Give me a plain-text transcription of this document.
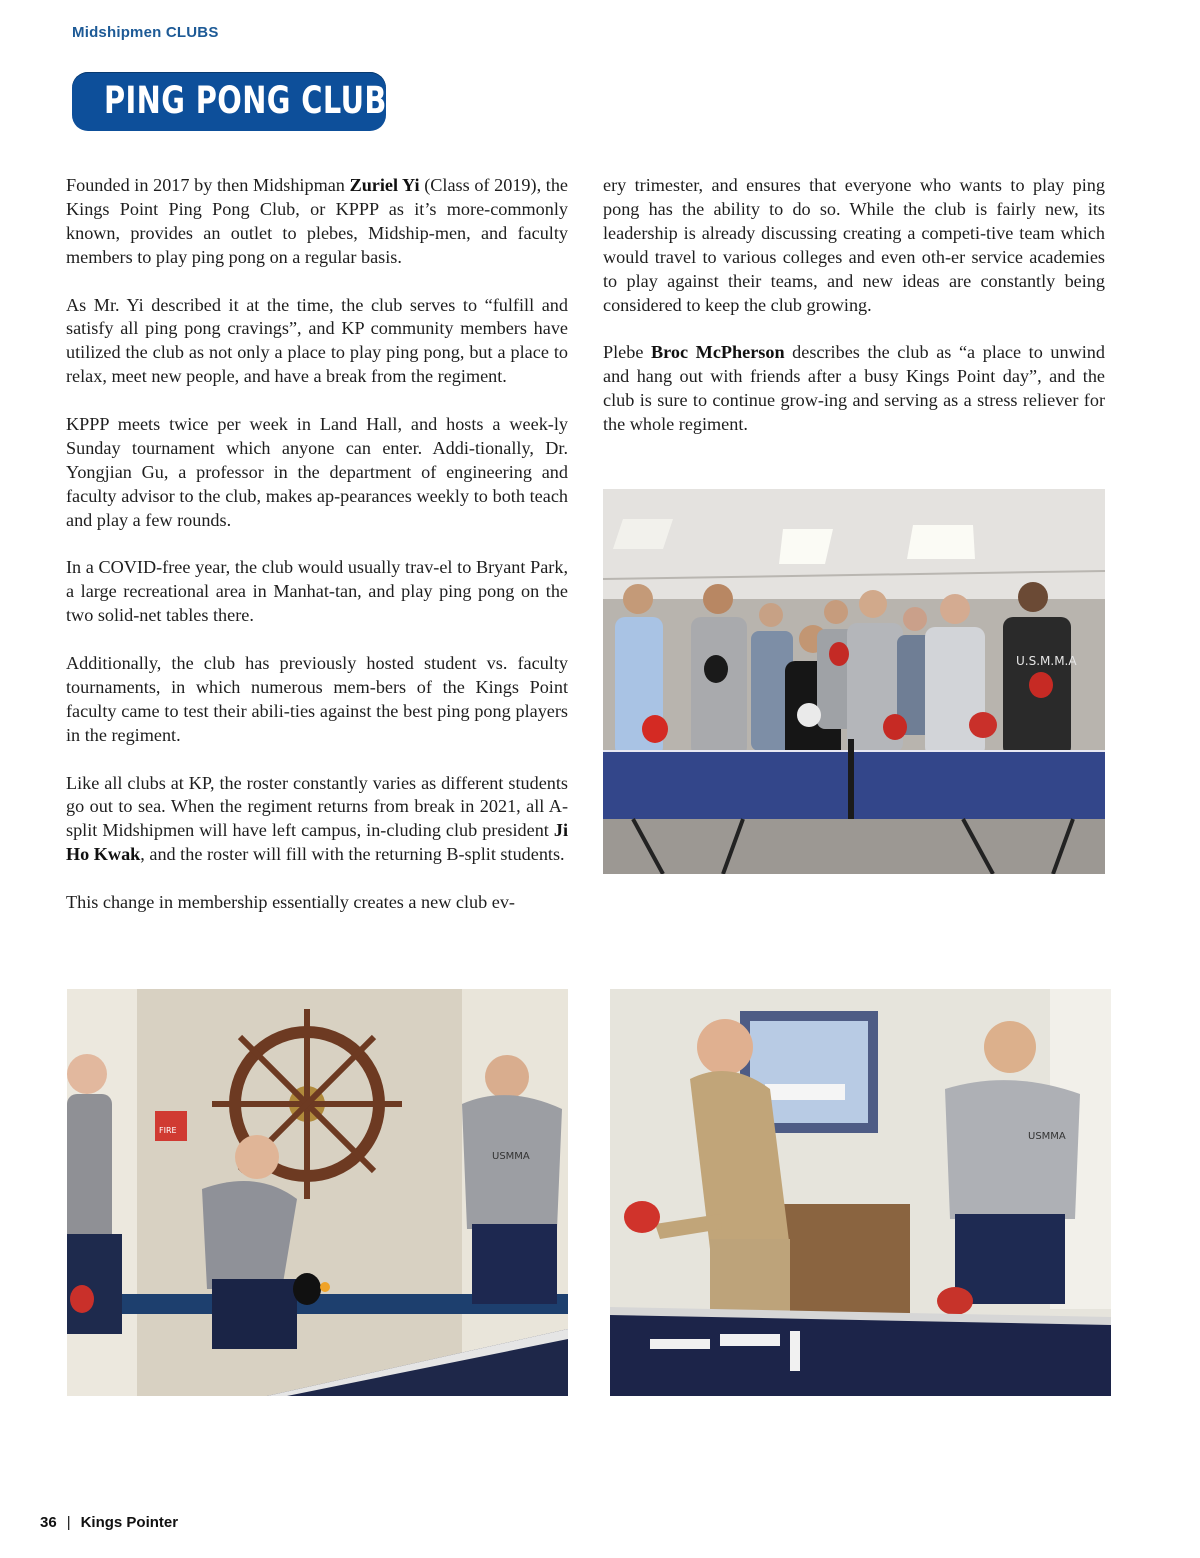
Midshipmen CLUBS
PING PONG CLUB

Founded in 2017 by then Midshipman Zuriel Yi (Class of 2019), the Kings Point Ping Pong Club, or KPPP as it’s more-commonly known, provides an outlet to plebes, Midship-men, and faculty members to play ping pong on a regular basis.

As Mr. Yi described it at the time, the club serves to “fulfill and satisfy all ping pong cravings”, and KP community members have utilized the club as not only a place to play ping pong, but a place to relax, meet new people, and have a break from the regiment.

KPPP meets twice per week in Land Hall, and hosts a week-ly Sunday tournament which anyone can enter. Addi-tionally, Dr. Yongjian Gu, a professor in the department of engineering and faculty advisor to the club, makes ap-pearances weekly to both teach and play a few rounds.

In a COVID-free year, the club would usually trav-el to Bryant Park, a large recreational area in Manhat-tan, and play ping pong on the two solid-net tables there.

Additionally, the club has previously hosted student vs. faculty tournaments, in which numerous mem-bers of the Kings Point faculty came to test their abili-ties against the best ping pong players in the regiment.

Like all clubs at KP, the roster constantly varies as different students go out to sea. When the regiment returns from break in 2021, all A-split Midshipmen will have left campus, in-cluding club president Ji Ho Kwak, and the roster will fill with the returning B-split students.

This change in membership essentially creates a new club ev-

ery trimester, and ensures that everyone who wants to play ping pong has the ability to do so. While the club is fairly new, its leadership is already discussing creating a competi-tive team which would travel to various colleges and even oth-er service academies to play against their teams, and new ideas are constantly being considered to keep the club growing.

Plebe Broc McPherson describes the club as “a place to unwind and hang out with friends after a busy Kings Point day”, and the club is sure to continue grow-ing and serving as a stress reliever for the whole regiment.

U.S.M.M.A
FIRE
USMMA
USMMA
36 | Kings Pointer
